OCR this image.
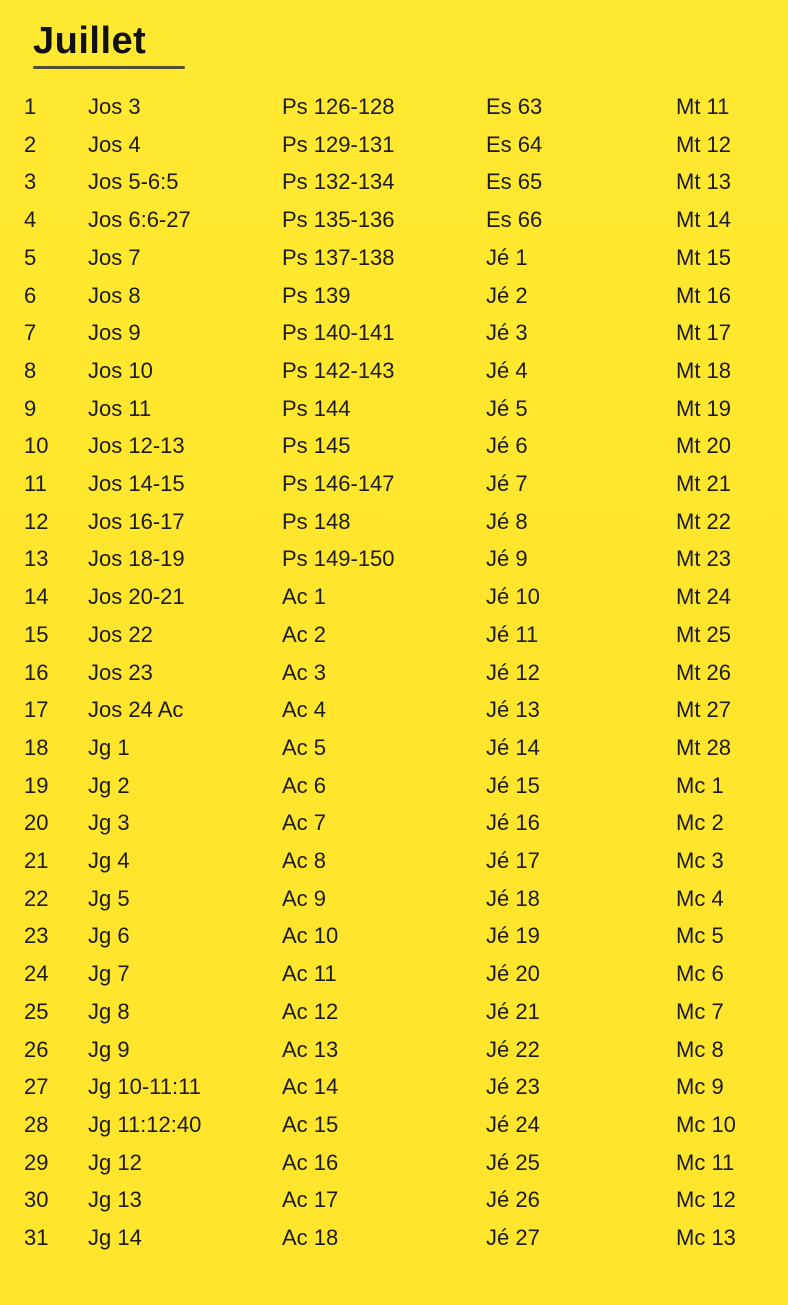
Juillet
1	Jos 3	Ps 126-128	Es 63	Mt 11
2	Jos 4	Ps 129-131	Es 64	Mt 12
3	Jos 5-6:5	Ps 132-134	Es 65	Mt 13
4	Jos 6:6-27	Ps 135-136	Es 66	Mt 14
5	Jos 7	Ps 137-138	Jé 1	Mt 15
6	Jos 8	Ps 139	Jé 2	Mt 16
7	Jos 9	Ps 140-141	Jé 3	Mt 17
8	Jos 10	Ps 142-143	Jé 4	Mt 18
9	Jos 11	Ps 144	Jé 5	Mt 19
10	Jos 12-13	Ps 145	Jé 6	Mt 20
11	Jos 14-15	Ps 146-147	Jé 7	Mt 21
12	Jos 16-17	Ps 148	Jé 8	Mt 22
13	Jos 18-19	Ps 149-150	Jé 9	Mt 23
14	Jos 20-21	Ac 1	Jé 10	Mt 24
15	Jos 22	Ac 2	Jé 11	Mt 25
16	Jos 23	Ac 3	Jé 12	Mt 26
17	Jos 24 Ac	Ac 4	Jé 13	Mt 27
18	Jg 1	Ac 5	Jé 14	Mt 28
19	Jg 2	Ac 6	Jé 15	Mc 1
20	Jg 3	Ac 7	Jé 16	Mc 2
21	Jg 4	Ac 8	Jé 17	Mc 3
22	Jg 5	Ac 9	Jé 18	Mc 4
23	Jg 6	Ac 10	Jé 19	Mc 5
24	Jg 7	Ac 11	Jé 20	Mc 6
25	Jg 8	Ac 12	Jé 21	Mc 7
26	Jg 9	Ac 13	Jé 22	Mc 8
27	Jg 10-11:11	Ac 14	Jé 23	Mc 9
28	Jg 11:12:40	Ac 15	Jé 24	Mc 10
29	Jg 12	Ac 16	Jé 25	Mc 11
30	Jg 13	Ac 17	Jé 26	Mc 12
31	Jg 14	Ac 18	Jé 27	Mc 13
